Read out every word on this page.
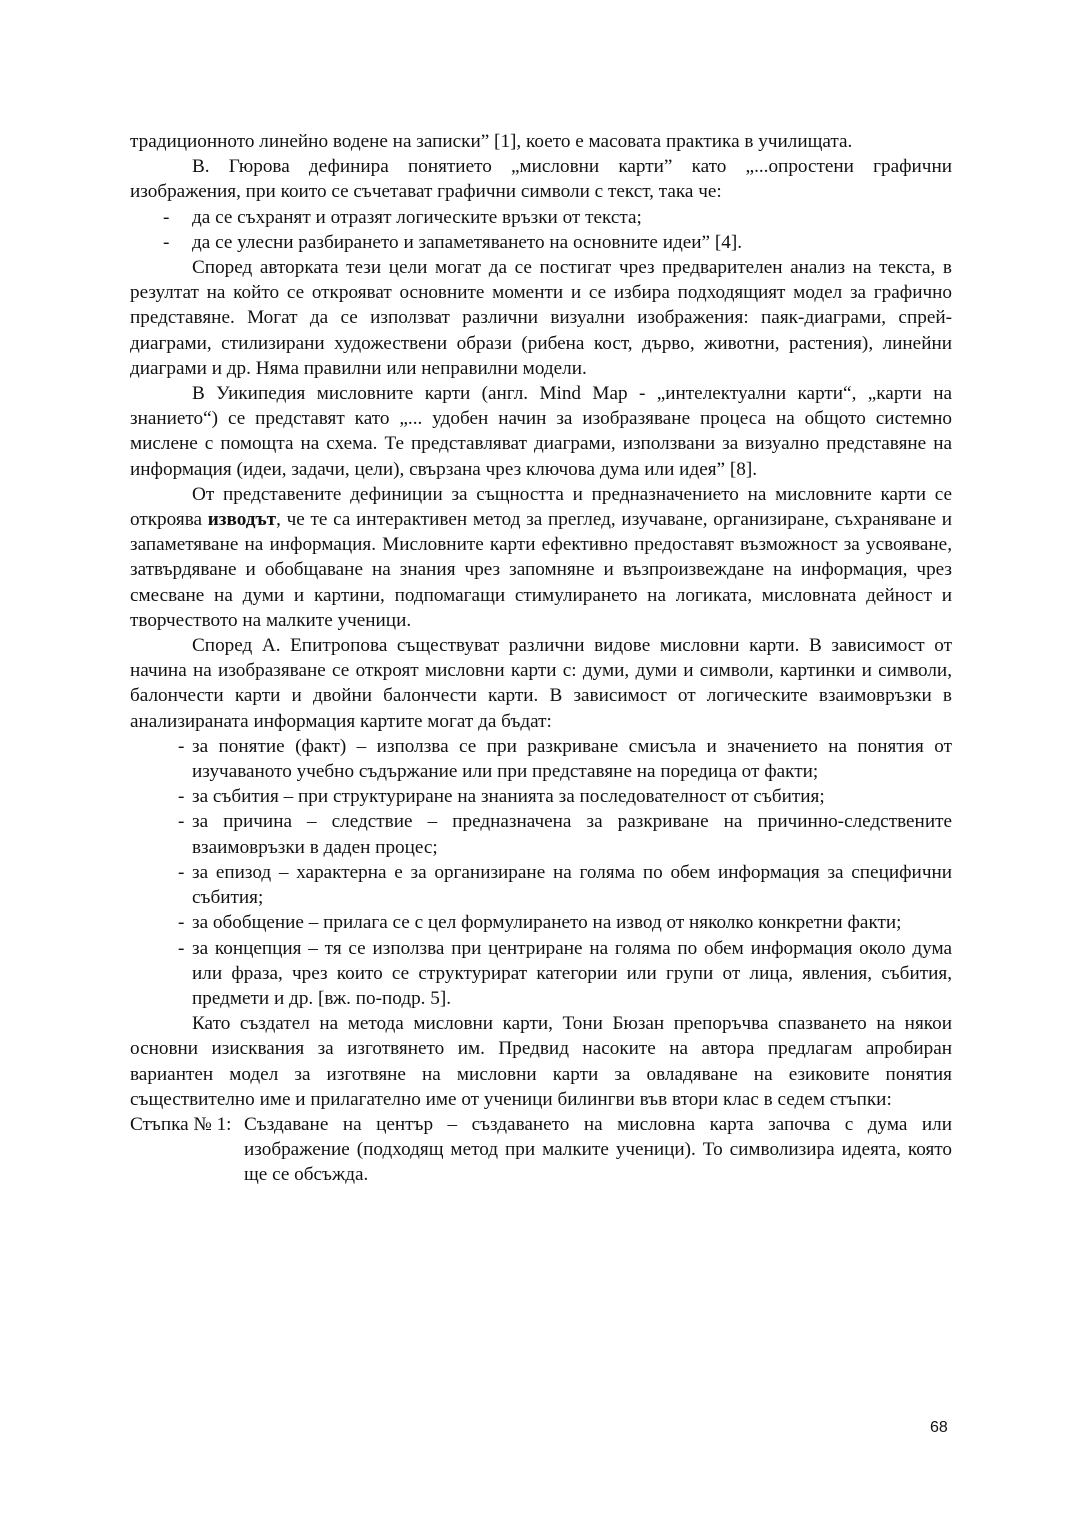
традиционното линейно водене на записки” [1], което е масовата практика в училищата.

В. Гюрова дефинира понятието „мисловни карти” като „...опростени графични изображения, при които се съчетават графични символи с текст, така че:

- да се съхранят и отразят логическите връзки от текста;
- да се улесни разбирането и запаметяването на основните идеи” [4].

Според авторката тези цели могат да се постигат чрез предварителен анализ на текста, в резултат на който се открояват основните моменти и се избира подходящият модел за графично представяне. Могат да се използват различни визуални изображения: паяк-диаграми, спрей-диаграми, стилизирани художествени образи (рибена кост, дърво, животни, растения), линейни диаграми и др. Няма правилни или неправилни модели.

В Уикипедия мисловните карти (англ. Mind Map - „интелектуални карти“, „карти на знанието“) се представят като „... удобен начин за изобразяване процеса на общото системно мислене с помощта на схема. Те представляват диаграми, използвани за визуално представяне на информация (идеи, задачи, цели), свързана чрез ключова дума или идея” [8].

От представените дефиниции за същността и предназначението на мисловните карти се откроява изводът, че те са интерактивен метод за преглед, изучаване, организиране, съхраняване и запаметяване на информация. Мисловните карти ефективно предоставят възможност за усвояване, затвърдяване и обобщаване на знания чрез запомняне и възпроизвеждане на информация, чрез смесване на думи и картини, подпомагащи стимулирането на логиката, мисловната дейност и творчеството на малките ученици.

Според А. Епитропова съществуват различни видове мисловни карти. В зависимост от начина на изобразяване се откроят мисловни карти с: думи, думи и символи, картинки и символи, балончести карти и двойни балончести карти. В зависимост от логическите взаимовръзки в анализираната информация картите могат да бъдат:

- за понятие (факт) – използва се при разкриване смисъла и значението на понятия от изучаваното учебно съдържание или при представяне на поредица от факти;
- за събития – при структуриране на знанията за последователност от събития;
- за причина – следствие – предназначена за разкриване на причинно-следствените взаимовръзки в даден процес;
- за епизод – характерна е за организиране на голяма по обем информация за специфични събития;
- за обобщение – прилага се с цел формулирането на извод от няколко конкретни факти;
- за концепция – тя се използва при центриране на голяма по обем информация около дума или фраза, чрез които се структурират категории или групи от лица, явления, събития, предмети и др. [вж. по-подр. 5].

Като създател на метода мисловни карти, Тони Бюзан препоръчва спазването на някои основни изисквания за изготвянето им. Предвид насоките на автора предлагам апробиран вариантен модел за изготвяне на мисловни карти за овладяване на езиковите понятия съществително име и прилагателно име от ученици билингви във втори клас в седем стъпки:

Стъпка № 1: Създаване на център – създаването на мисловна карта започва с дума или изображение (подходящ метод при малките ученици). То символизира идеята, която ще се обсъжда.
68
